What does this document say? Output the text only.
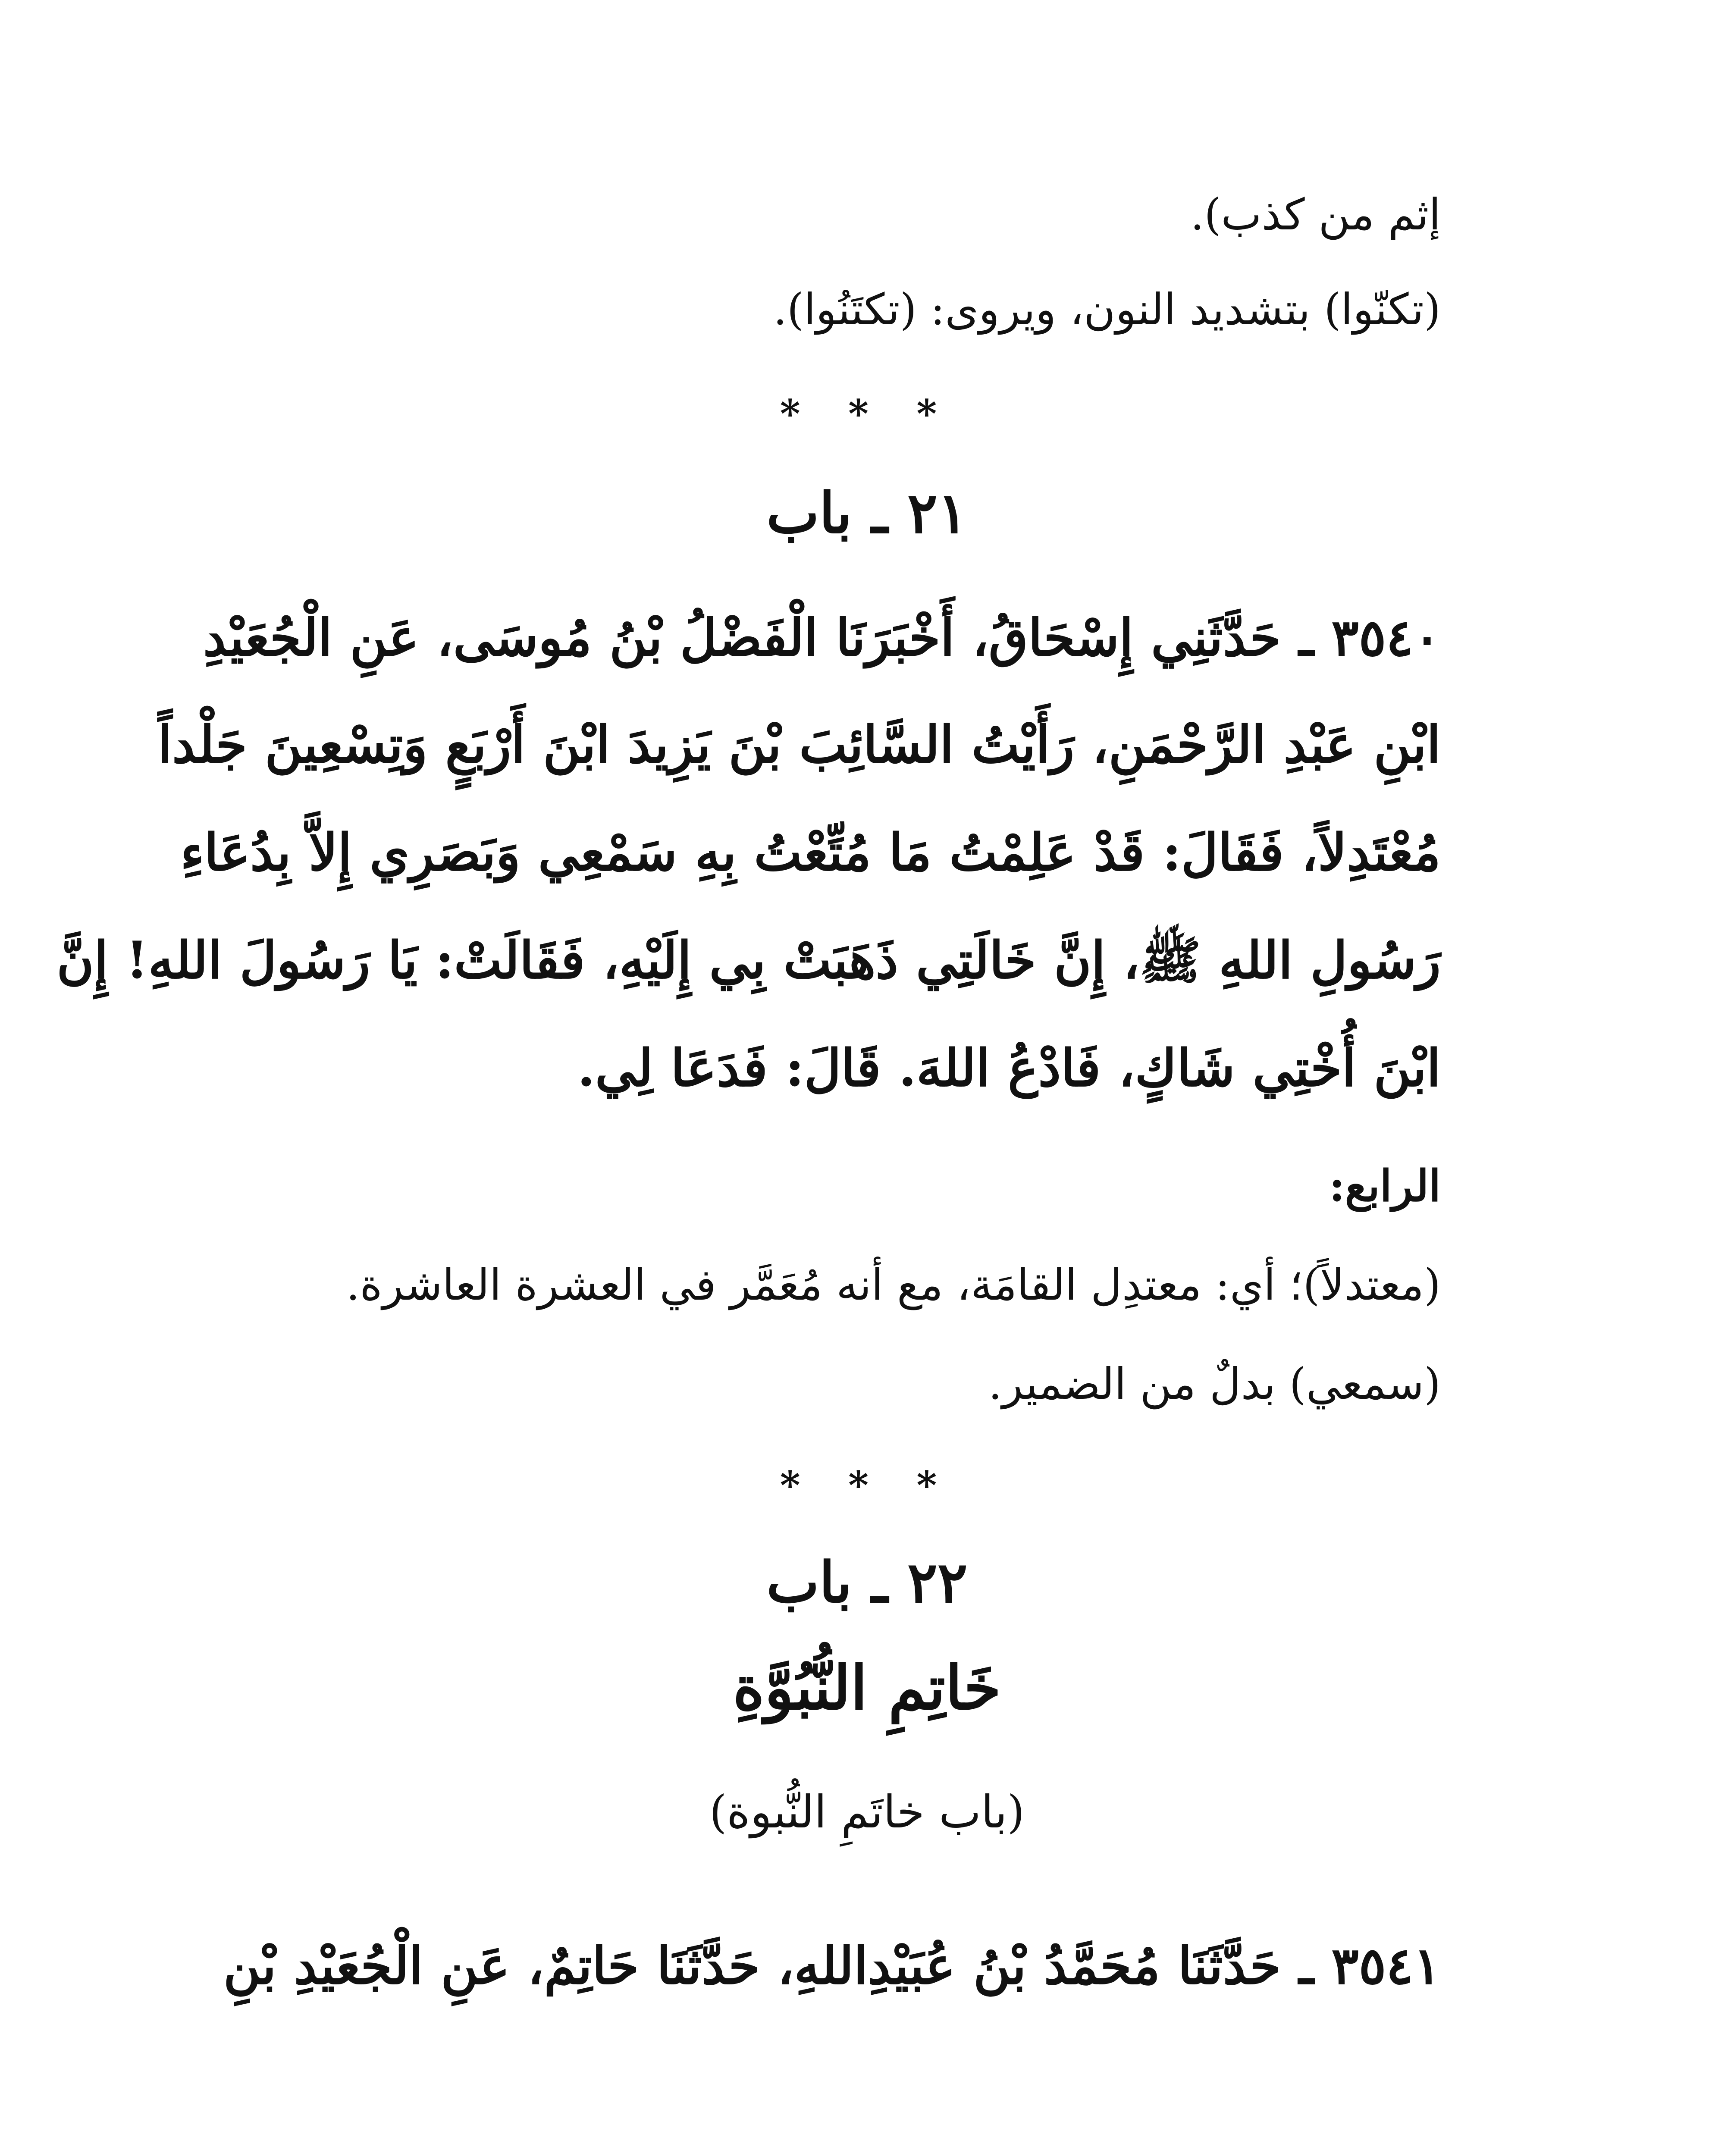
إثم من كذب).
(تكنّوا) بتشديد النون، ويروى: (تكتَنُوا).
* * *
٢١ ـ باب
٣٥٤٠ ـ حَدَّثَنِي إِسْحَاقُ، أَخْبَرَنَا الْفَضْلُ بْنُ مُوسَى، عَنِ الْجُعَيْدِ
ابْنِ عَبْدِ الرَّحْمَنِ، رَأَيْتُ السَّائِبَ بْنَ يَزِيدَ ابْنَ أَرْبَعٍ وَتِسْعِينَ جَلْداً
مُعْتَدِلاً، فَقَالَ: قَدْ عَلِمْتُ مَا مُتِّعْتُ بِهِ سَمْعِي وَبَصَرِي إِلاَّ بِدُعَاءِ
رَسُولِ اللهِ ﷺ، إِنَّ خَالَتِي ذَهَبَتْ بِي إِلَيْهِ، فَقَالَتْ: يَا رَسُولَ اللهِ! إِنَّ
ابْنَ أُخْتِي شَاكٍ، فَادْعُ اللهَ. قَالَ: فَدَعَا لِي.
الرابع:
(معتدلاً)؛ أي: معتدِل القامَة، مع أنه مُعَمَّر في العشرة العاشرة.
(سمعي) بدلٌ من الضمير.
* * *
٢٢ ـ باب
خَاتِمِ النُّبُوَّةِ
(باب خاتَمِ النُّبوة)
٣٥٤١ ـ حَدَّثَنَا مُحَمَّدُ بْنُ عُبَيْدِاللهِ، حَدَّثَنَا حَاتِمٌ، عَنِ الْجُعَيْدِ بْنِ
